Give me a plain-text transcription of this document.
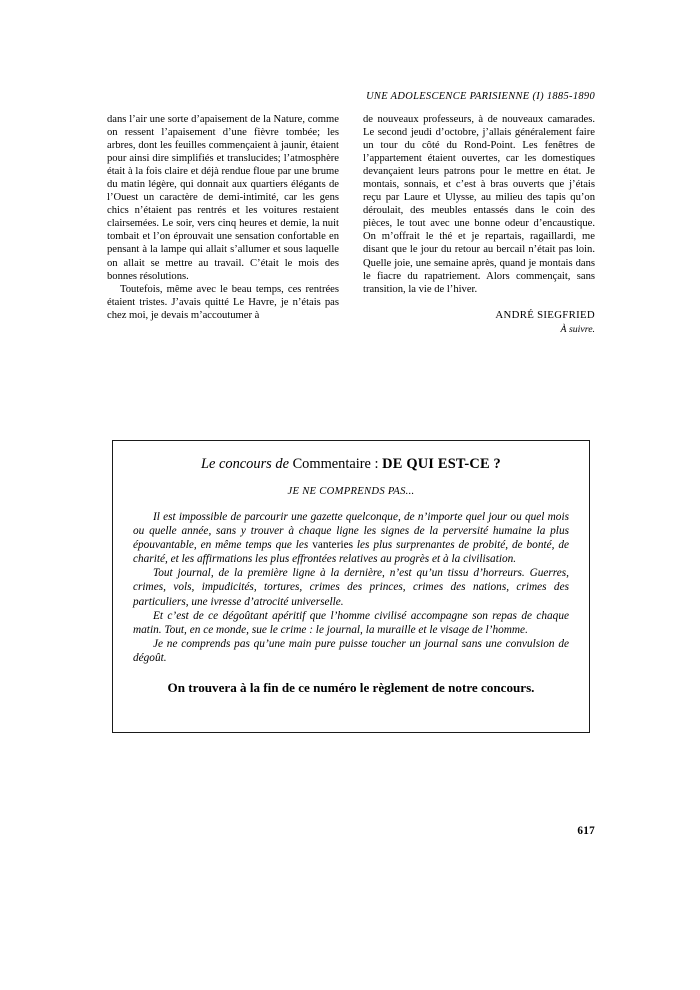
UNE ADOLESCENCE PARISIENNE (I) 1885-1890

dans l’air une sorte d’apaisement de la Nature, comme on ressent l’apaisement d’une fièvre tombée; les arbres, dont les feuilles commençaient à jaunir, étaient pour ainsi dire simplifiés et translucides; l’atmosphère était à la fois claire et déjà rendue floue par une brume du matin légère, qui donnait aux quartiers élégants de l’Ouest un caractère de demi-intimité, car les gens chics n’étaient pas rentrés et les voitures restaient clairsemées. Le soir, vers cinq heures et demie, la nuit tombait et l’on éprouvait une sensation confortable en pensant à la lampe qui allait s’allumer et sous laquelle on allait se mettre au travail. C’était le mois des bonnes résolutions.

Toutefois, même avec le beau temps, ces rentrées étaient tristes. J’avais quitté Le Havre, je n’étais pas chez moi, je devais m’accoutumer à

de nouveaux professeurs, à de nouveaux camarades. Le second jeudi d’octobre, j’allais généralement faire un tour du côté du Rond-Point. Les fenêtres de l’appartement étaient ouvertes, car les domestiques devançaient leurs patrons pour le mettre en état. Je montais, sonnais, et c’est à bras ouverts que j’étais reçu par Laure et Ulysse, au milieu des tapis qu’on déroulait, des meubles entassés dans le coin des pièces, le tout avec une bonne odeur d’encaustique. On m’offrait le thé et je repartais, ragaillardi, me disant que le jour du retour au bercail n’était pas loin. Quelle joie, une semaine après, quand je montais dans le fiacre du rapatriement. Alors commençait, sans transition, la vie de l’hiver.

ANDRÉ SIEGFRIED
À suivre.
Le concours de Commentaire : DE QUI EST-CE ?
JE NE COMPRENDS PAS...

Il est impossible de parcourir une gazette quelconque, de n’importe quel jour ou quel mois ou quelle année, sans y trouver à chaque ligne les signes de la perversité humaine la plus épouvantable, en même temps que les vanteries les plus surprenantes de probité, de bonté, de charité, et les affirmations les plus effrontées relatives au progrès et à la civilisation.

Tout journal, de la première ligne à la dernière, n’est qu’un tissu d’horreurs. Guerres, crimes, vols, impudicités, tortures, crimes des princes, crimes des nations, crimes des particuliers, une ivresse d’atrocité universelle.

Et c’est de ce dégoûtant apéritif que l’homme civilisé accompagne son repas de chaque matin. Tout, en ce monde, sue le crime : le journal, la muraille et le visage de l’homme.

Je ne comprends pas qu’une main pure puisse toucher un journal sans une convulsion de dégoût.

On trouvera à la fin de ce numéro le règlement de notre concours.
617
